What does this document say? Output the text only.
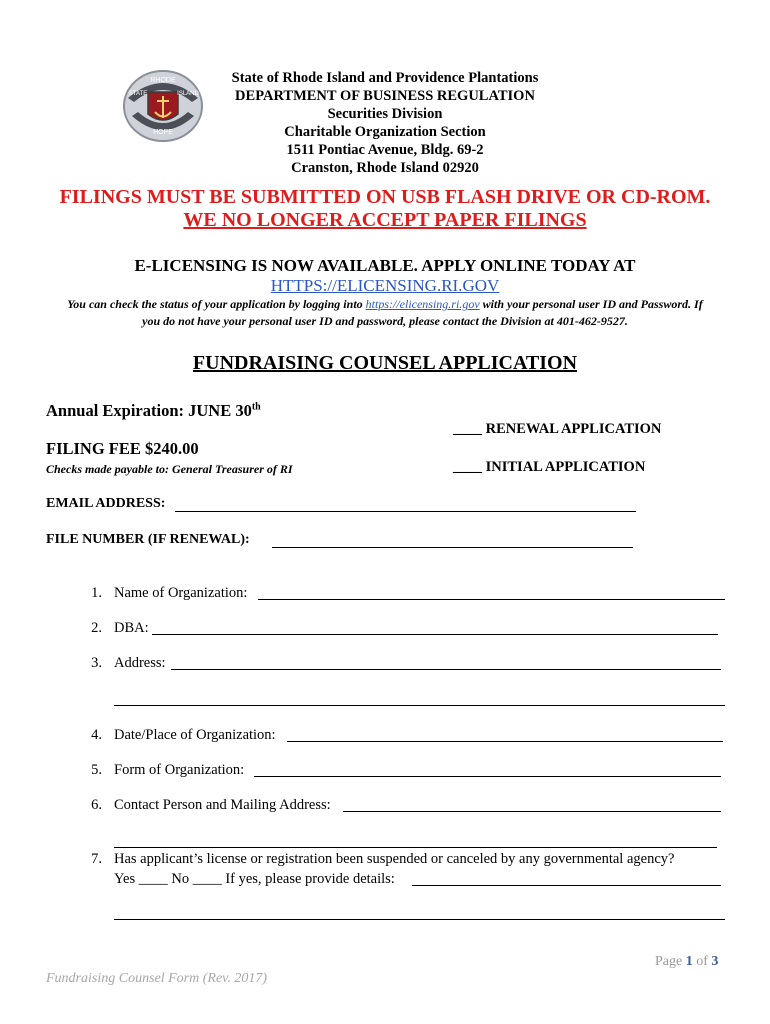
RHODE
STATE	ISLAND
HOPE
State of Rhode Island and Providence Plantations
DEPARTMENT OF BUSINESS REGULATION
Securities Division
Charitable Organization Section
1511 Pontiac Avenue, Bldg. 69-2
Cranston, Rhode Island 02920
FILINGS MUST BE SUBMITTED ON USB FLASH DRIVE OR CD-ROM.
WE NO LONGER ACCEPT PAPER FILINGS
E-LICENSING IS NOW AVAILABLE. APPLY ONLINE TODAY AT
HTTPS://ELICENSING.RI.GOV
You can check the status of your application by logging into https://elicensing.ri.gov with your personal user ID and Password. If
you do not have your personal user ID and password, please contact the Division at 401-462-9527.
FUNDRAISING COUNSEL APPLICATION
Annual Expiration: JUNE 30th
____ RENEWAL APPLICATION
FILING FEE $240.00
Checks made payable to: General Treasurer of RI	____ INITIAL APPLICATION
EMAIL ADDRESS:
FILE NUMBER (IF RENEWAL):
1. Name of Organization:
2. DBA:
3. Address:
4. Date/Place of Organization:
5. Form of Organization:
6. Contact Person and Mailing Address:
7. Has applicant’s license or registration been suspended or canceled by any governmental agency?
Yes ____ No ____ If yes, please provide details:
Page 1 of 3
Fundraising Counsel Form (Rev. 2017)
